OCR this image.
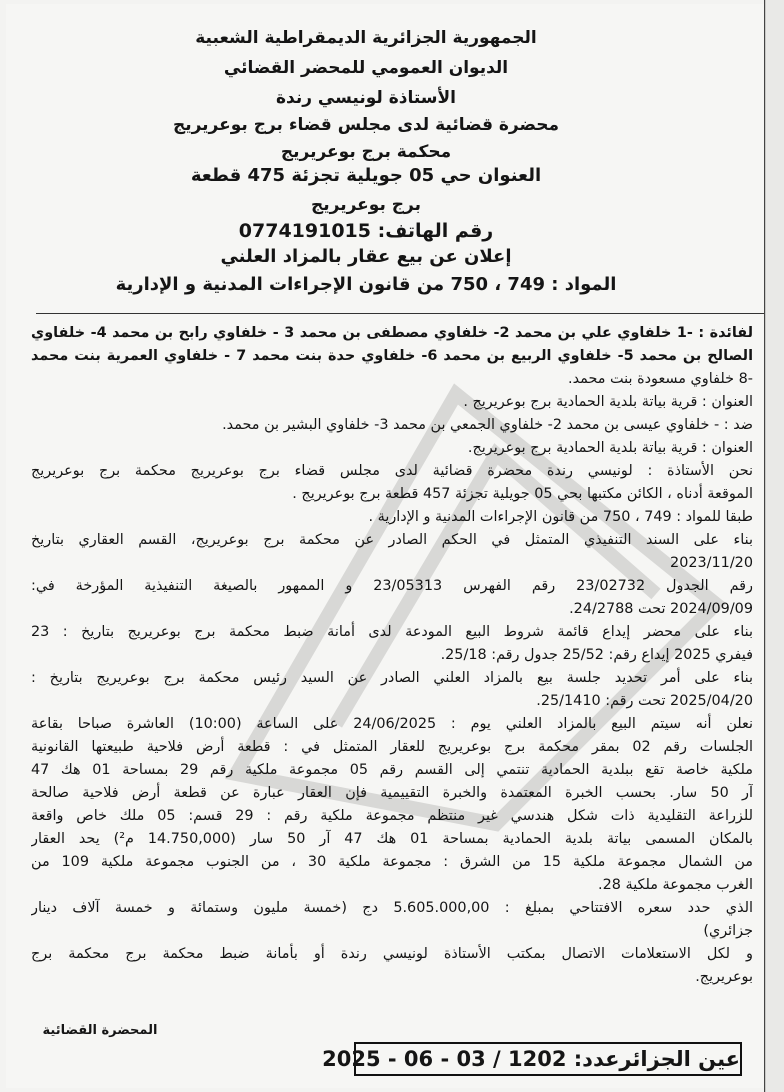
الجمهورية الجزائرية الديمقراطية الشعبية
الديوان العمومي للمحضر القضائي
الأستاذة لونيسي رندة
محضرة قضائية لدى مجلس قضاء برج بوعريريج
محكمة برج بوعريريج
العنوان حي 05 جويلية تجزئة 475 قطعة
برج بوعريريج
رقم الهاتف: 0774191015
إعلان عن بيع عقار بالمزاد العلني
المواد : 749 ، 750 من قانون الإجراءات المدنية و الإدارية
لفائدة : -1 خلفاوي علي بن محمد 2- خلفاوي مصطفى بن محمد 3 - خلفاوي رابح بن محمد 4- خلفاوي
الصالح بن محمد 5- خلفاوي الربيع بن محمد 6- خلفاوي حدة بنت محمد 7 - خلفاوي العمرية بنت محمد
-8 خلفاوي مسعودة بنت محمد.
العنوان : قرية بياتة بلدية الحمادية برج بوعريريج .
ضد : - خلفاوي عيسى بن محمد 2- خلفاوي الجمعي بن محمد 3- خلفاوي البشير بن محمد.
العنوان : قرية بياتة بلدية الحمادية برج بوعريريج.
نحن الأستاذة : لونيسي رندة محضرة قضائية لدى مجلس قضاء برج بوعريريج محكمة برج بوعريريج
الموقعة أدناه ، الكائن مكتبها بحي 05 جويلية تجزئة 457 قطعة برج بوعريريج .
طبقا للمواد : 749 ، 750 من قانون الإجراءات المدنية و الإدارية .
بناء على السند التنفيذي المتمثل في الحكم الصادر عن محكمة برج بوعريريج، القسم العقاري بتاريخ
2023/11/20
رقم الجدول 23/02732 رقم الفهرس 23/05313 و الممهور بالصيغة التنفيذية المؤرخة في:
2024/09/09 تحت 24/2788.
بناء على محضر إيداع قائمة شروط البيع المودعة لدى أمانة ضبط محكمة برج بوعريريج بتاريخ : 23
فيفري 2025 إيداع رقم: 25/52 جدول رقم: 25/18.
بناء على أمر تحديد جلسة بيع بالمزاد العلني الصادر عن السيد رئيس محكمة برج بوعريريج بتاريخ :
2025/04/20 تحت رقم: 25/1410.
نعلن أنه سيتم البيع بالمزاد العلني يوم : 24/06/2025 على الساعة (10:00) العاشرة صباحا بقاعة
الجلسات رقم 02 بمقر محكمة برج بوعريريج للعقار المتمثل في : قطعة أرض فلاحية طبيعتها القانونية
ملكية خاصة تقع ببلدية الحمادية تنتمي إلى القسم رقم 05 مجموعة ملكية رقم 29 بمساحة 01 هك 47
آر 50 سار. بحسب الخبرة المعتمدة والخبرة التقييمية فإن العقار عبارة عن قطعة أرض فلاحية صالحة
للزراعة التقليدية ذات شكل هندسي غير منتظم مجموعة ملكية رقم : 29 قسم: 05 ملك خاص واقعة
بالمكان المسمى بياتة بلدية الحمادية بمساحة 01 هك 47 آر 50 سار (14.750,000 م²) يحد العقار
من الشمال مجموعة ملكية 15 من الشرق : مجموعة ملكية 30 ، من الجنوب مجموعة ملكية 109 من
الغرب مجموعة ملكية 28.
الذي حدد سعره الافتتاحي بمبلغ : 5.605.000,00 دج (خمسة مليون وستمائة و خمسة آلاف دينار
جزائري)
و لكل الاستعلامات الاتصال بمكتب الأستاذة لونيسي رندة أو بأمانة ضبط محكمة برج محكمة برج
بوعريريج.
المحضرة القضائية
عين الجزائرعدد: 1202 / 03 - 06 - 2025
